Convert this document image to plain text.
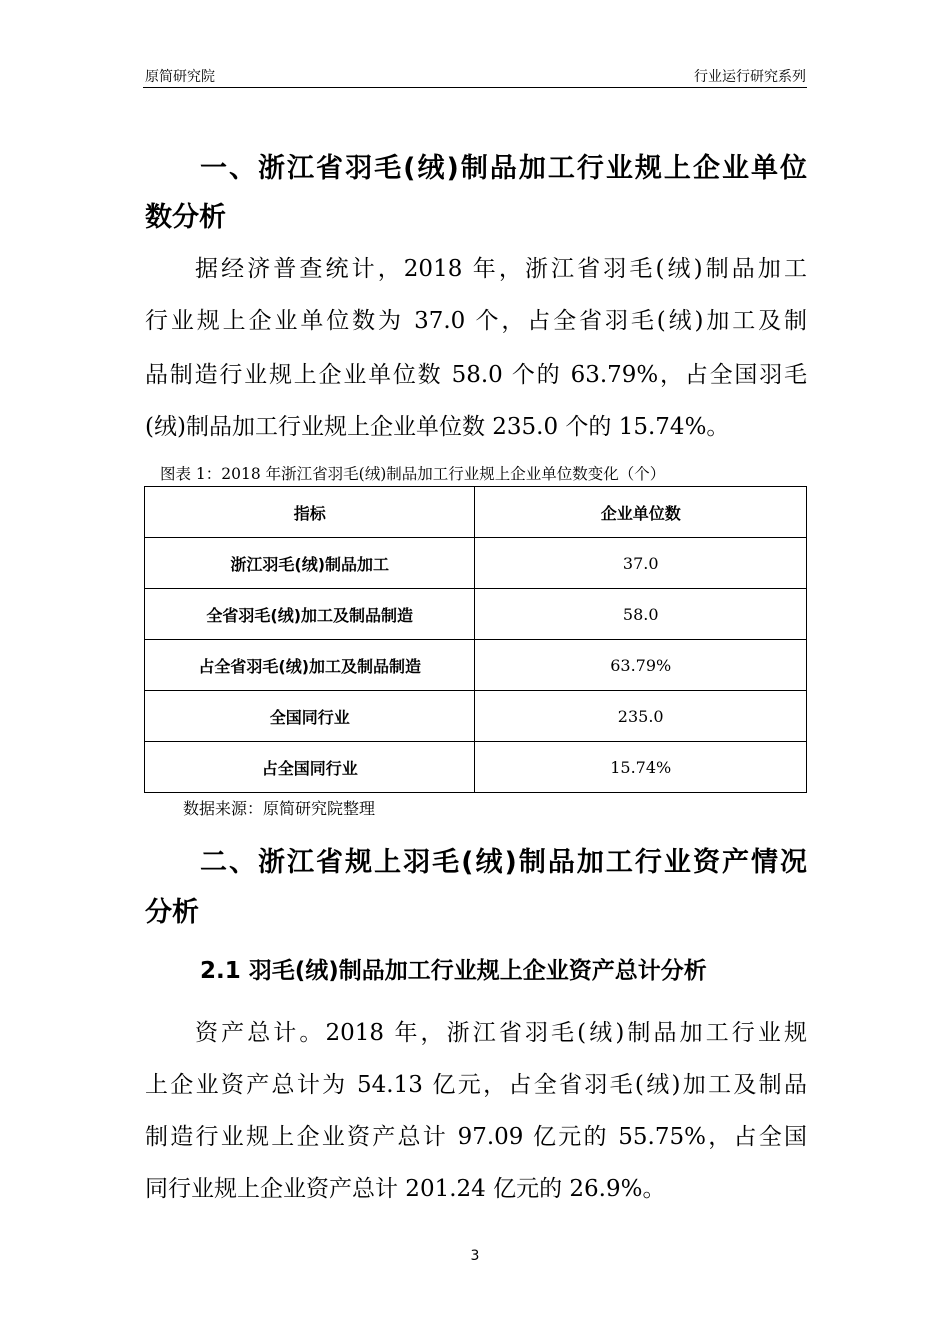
原简研究院	行业运行研究系列
一、浙江省羽毛(绒)制品加工行业规上企业单位
数分析
据经济普查统计，2018 年，浙江省羽毛(绒)制品加工
行业规上企业单位数为 37.0 个，占全省羽毛(绒)加工及制
品制造行业规上企业单位数 58.0 个的 63.79%，占全国羽毛
(绒)制品加工行业规上企业单位数 235.0 个的 15.74%。
图表 1：2018 年浙江省羽毛(绒)制品加工行业规上企业单位数变化（个）
指标	企业单位数
浙江羽毛(绒)制品加工	37.0
全省羽毛(绒)加工及制品制造	58.0
占全省羽毛(绒)加工及制品制造	63.79%
全国同行业	235.0
占全国同行业	15.74%
数据来源：原简研究院整理
二、浙江省规上羽毛(绒)制品加工行业资产情况
分析
2.1 羽毛(绒)制品加工行业规上企业资产总计分析
资产总计。2018 年，浙江省羽毛(绒)制品加工行业规
上企业资产总计为 54.13 亿元，占全省羽毛(绒)加工及制品
制造行业规上企业资产总计 97.09 亿元的 55.75%，占全国
同行业规上企业资产总计 201.24 亿元的 26.9%。
3
